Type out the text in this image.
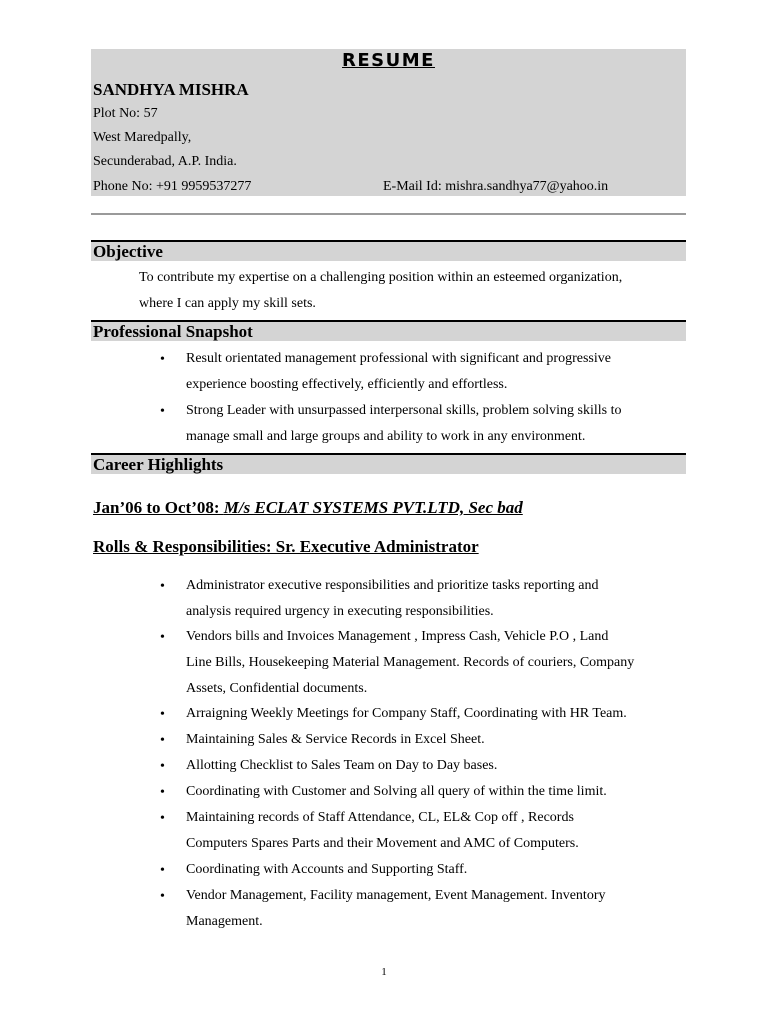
RESUME
SANDHYA MISHRA
Plot No: 57
West Maredpally,
Secunderabad, A.P. India.
Phone No: +91 9959537277	E-Mail Id: mishra.sandhya77@yahoo.in
Objective
To contribute my expertise on a challenging position within an esteemed organization,
where I can apply my skill sets.
Professional Snapshot
• Result orientated management professional with significant and progressive
experience boosting effectively, efficiently and effortless.
• Strong Leader with unsurpassed interpersonal skills, problem solving skills to
manage small and large groups and ability to work in any environment.
Career Highlights
Jan’06 to Oct’08: M/s ECLAT SYSTEMS PVT.LTD, Sec bad
Rolls & Responsibilities: Sr. Executive Administrator
• Administrator executive responsibilities and prioritize tasks reporting and
analysis required urgency in executing responsibilities.
• Vendors bills and Invoices Management , Impress Cash, Vehicle P.O , Land
Line Bills, Housekeeping Material Management. Records of couriers, Company
Assets, Confidential documents.
• Arraigning Weekly Meetings for Company Staff, Coordinating with HR Team.
• Maintaining Sales & Service Records in Excel Sheet.
• Allotting Checklist to Sales Team on Day to Day bases.
• Coordinating with Customer and Solving all query of within the time limit.
• Maintaining records of Staff Attendance, CL, EL& Cop off , Records
Computers Spares Parts and their Movement and AMC of Computers.
• Coordinating with Accounts and Supporting Staff.
• Vendor Management, Facility management, Event Management. Inventory
Management.
1
